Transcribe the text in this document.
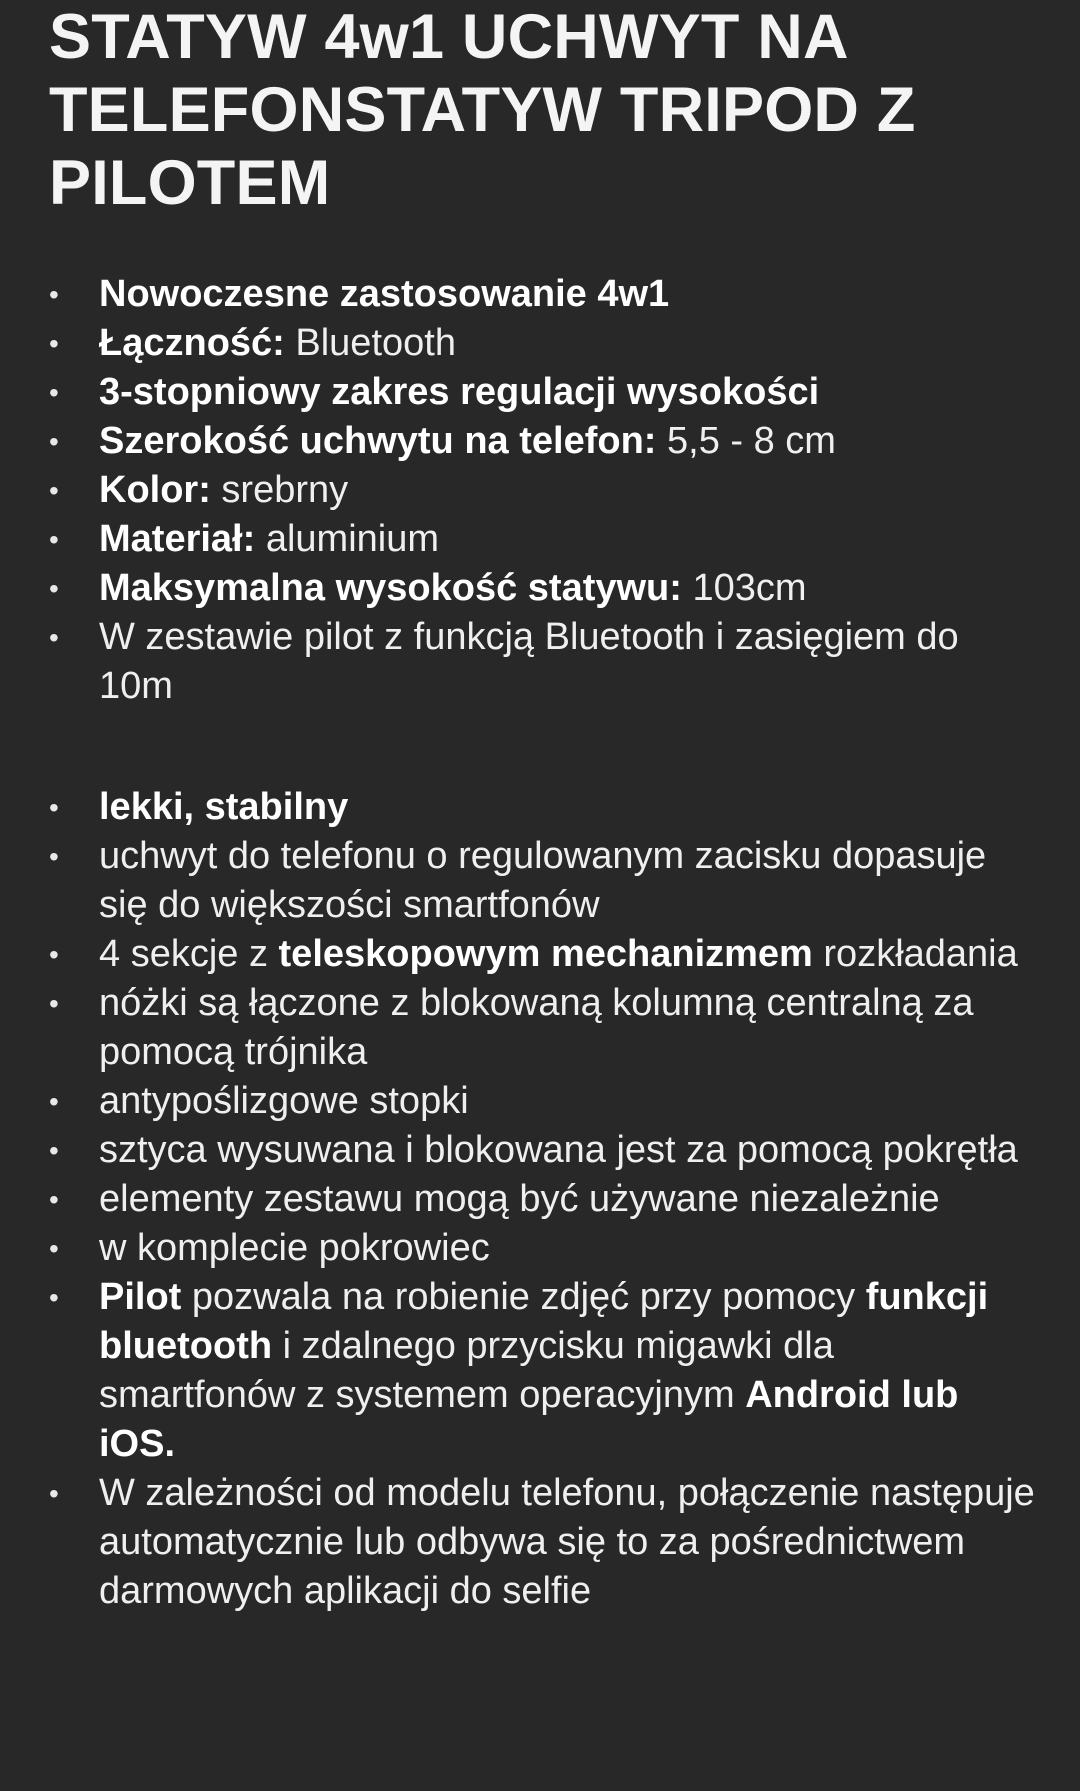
STATYW 4w1 UCHWYT NA TELEFONSTATYW TRIPOD Z PILOTEM
• Nowoczesne zastosowanie 4w1
• Łączność: Bluetooth
• 3-stopniowy zakres regulacji wysokości
• Szerokość uchwytu na telefon: 5,5 - 8 cm
• Kolor: srebrny
• Materiał: aluminium
• Maksymalna wysokość statywu: 103cm
• W zestawie pilot z funkcją Bluetooth i zasięgiem do 10m
• lekki, stabilny
• uchwyt do telefonu o regulowanym zacisku dopasuje się do większości smartfonów
• 4 sekcje z teleskopowym mechanizmem rozkładania
• nóżki są łączone z blokowaną kolumną centralną za pomocą trójnika
• antypoślizgowe stopki
• sztyca wysuwana i blokowana jest za pomocą pokrętła
• elementy zestawu mogą być używane niezależnie
• w komplecie pokrowiec
• Pilot pozwala na robienie zdjęć przy pomocy funkcji bluetooth i zdalnego przycisku migawki dla smartfonów z systemem operacyjnym Android lub iOS.
• W zależności od modelu telefonu, połączenie następuje automatycznie lub odbywa się to za pośrednictwem darmowych aplikacji do selfie
